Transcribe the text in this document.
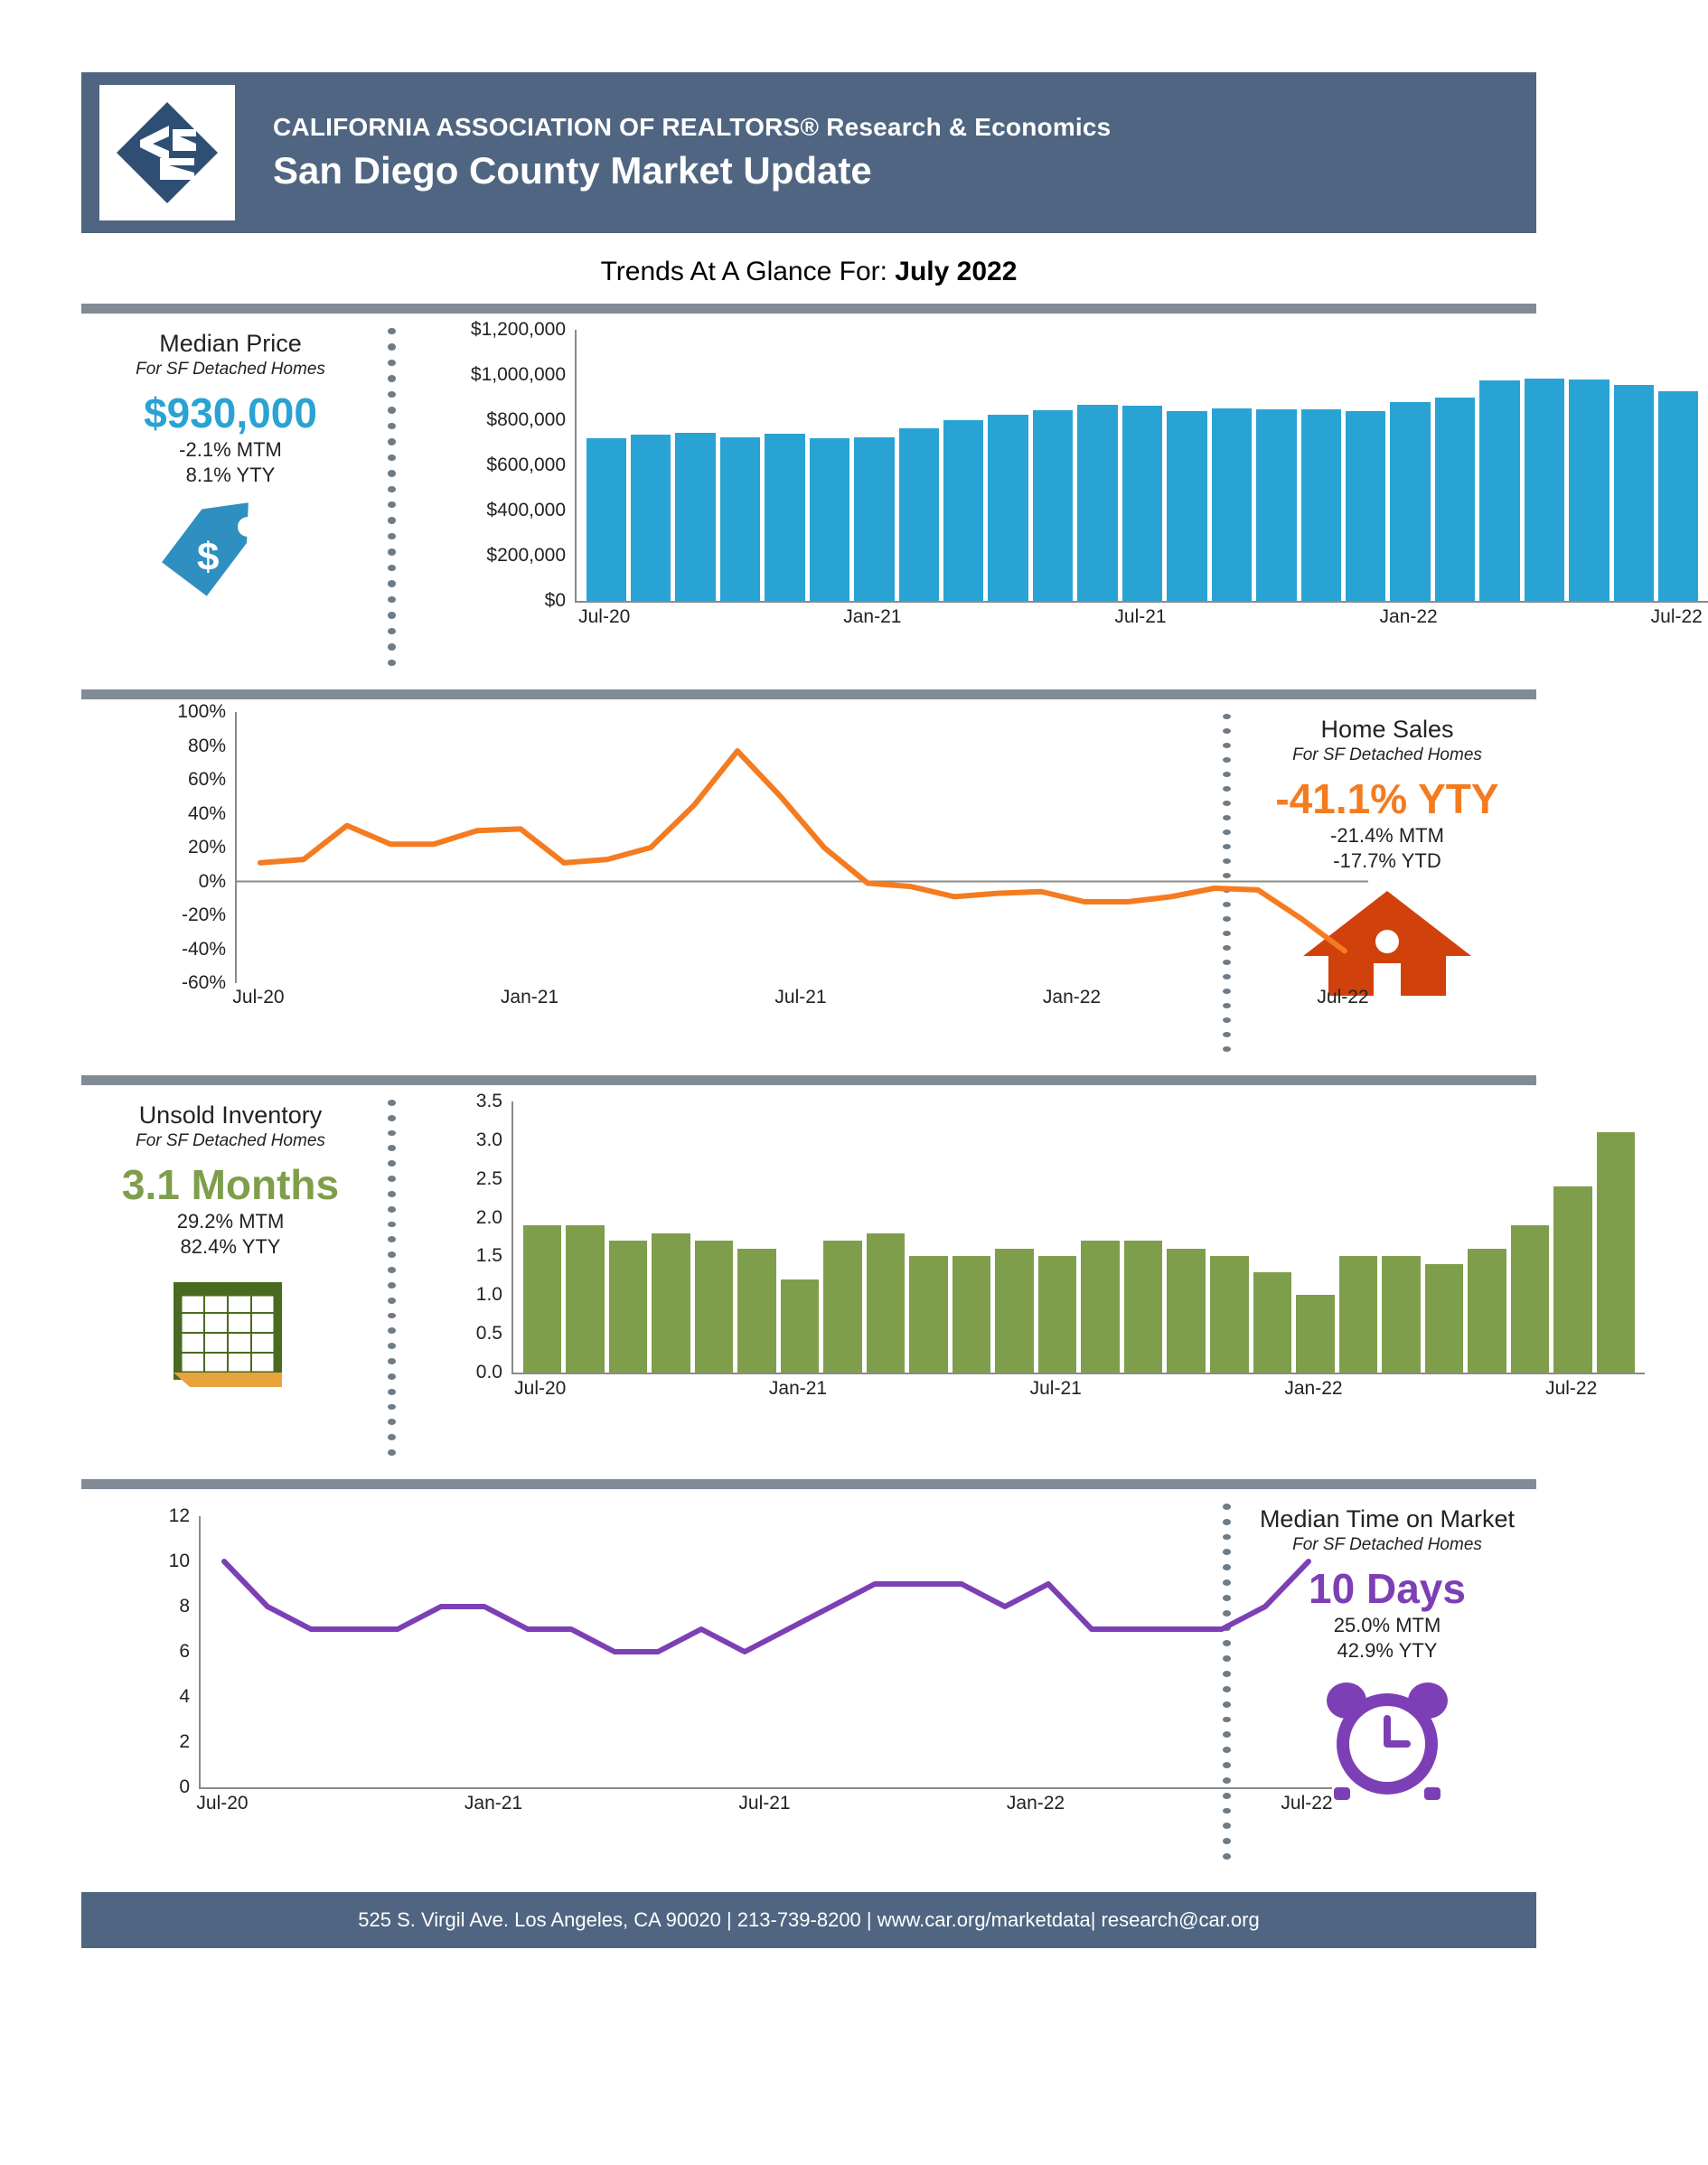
CALIFORNIA ASSOCIATION OF REALTORS® Research & Economics
San Diego County Market Update
Trends At A Glance For: July 2022
Median Price
For SF Detached Homes
$930,000
-2.1% MTM
8.1% YTY
$
$0
$200,000
$400,000
$600,000
$800,000
$1,000,000
$1,200,000
Jul-20	Jan-21	Jul-21	Jan-22	Jul-22
-60%
-40%
-20%
0%
20%
40%
60%
80%
100%
Jul-20	Jan-21	Jul-21	Jan-22	Jul-22
Home Sales
For SF Detached Homes
-41.1% YTY
-21.4% MTM
-17.7% YTD
Unsold Inventory
For SF Detached Homes
3.1 Months
29.2% MTM
82.4% YTY
0.0
0.5
1.0
1.5
2.0
2.5
3.0
3.5
Jul-20	Jan-21	Jul-21	Jan-22	Jul-22
0
2
4
6
8
10
12
Jul-20	Jan-21	Jul-21	Jan-22	Jul-22
Median Time on Market
For SF Detached Homes
10 Days
25.0% MTM
42.9% YTY
525 S. Virgil Ave. Los Angeles, CA 90020 | 213-739-8200 | www.car.org/marketdata| research@car.org
